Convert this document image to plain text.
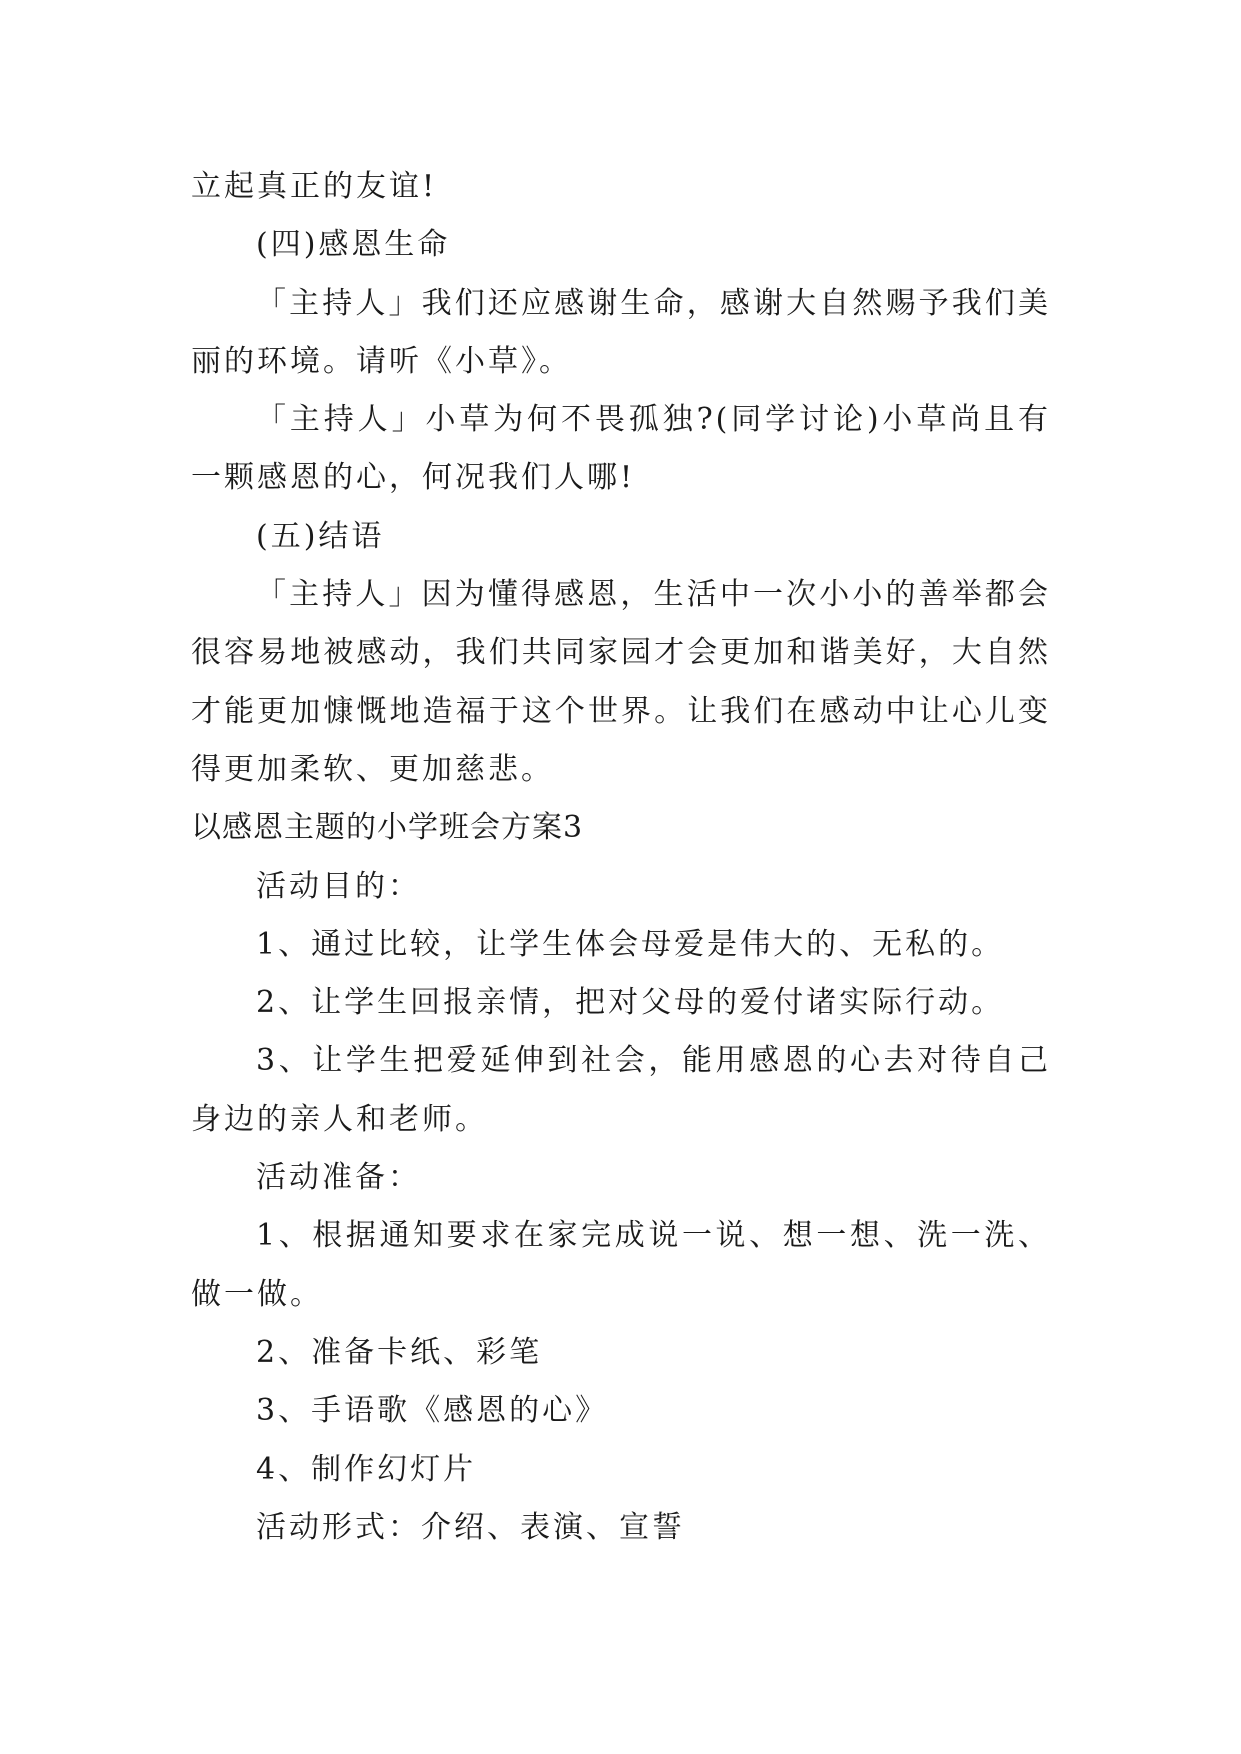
立起真正的友谊!
(四)感恩生命
「主持人」我们还应感谢生命，感谢大自然赐予我们美
丽的环境。请听《小草》。
「主持人」小草为何不畏孤独?(同学讨论)小草尚且有
一颗感恩的心，何况我们人哪!
(五)结语
「主持人」因为懂得感恩，生活中一次小小的善举都会
很容易地被感动，我们共同家园才会更加和谐美好，大自然
才能更加慷慨地造福于这个世界。让我们在感动中让心儿变
得更加柔软、更加慈悲。
以感恩主题的小学班会方案3
活动目的：
1、通过比较，让学生体会母爱是伟大的、无私的。
2、让学生回报亲情，把对父母的爱付诸实际行动。
3、让学生把爱延伸到社会，能用感恩的心去对待自己
身边的亲人和老师。
活动准备：
1、根据通知要求在家完成说一说、想一想、洗一洗、
做一做。
2、准备卡纸、彩笔
3、手语歌《感恩的心》
4、制作幻灯片
活动形式：介绍、表演、宣誓
